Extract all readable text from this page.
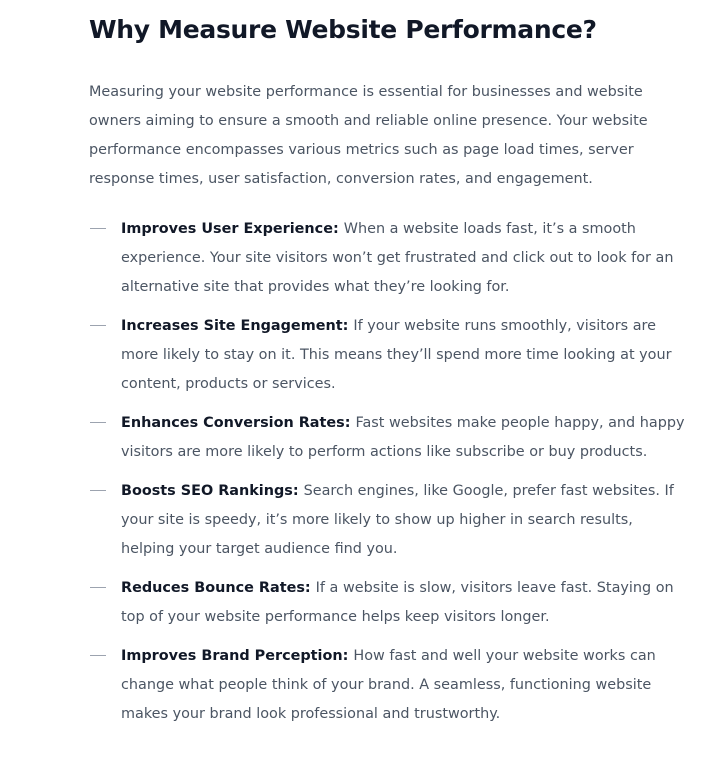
Why Measure Website Performance?

Measuring your website performance is essential for businesses and website owners aiming to ensure a smooth and reliable online presence. Your website performance encompasses various metrics such as page load times, server response times, user satisfaction, conversion rates, and engagement.

Improves User Experience: When a website loads fast, it’s a smooth experience. Your site visitors won’t get frustrated and click out to look for an alternative site that provides what they’re looking for.
Increases Site Engagement: If your website runs smoothly, visitors are more likely to stay on it. This means they’ll spend more time looking at your content, products or services.
Enhances Conversion Rates: Fast websites make people happy, and happy visitors are more likely to perform actions like subscribe or buy products.
Boosts SEO Rankings: Search engines, like Google, prefer fast websites. If your site is speedy, it’s more likely to show up higher in search results, helping your target audience find you.
Reduces Bounce Rates: If a website is slow, visitors leave fast. Staying on top of your website performance helps keep visitors longer.
Improves Brand Perception: How fast and well your website works can change what people think of your brand. A seamless, functioning website makes your brand look professional and trustworthy.
